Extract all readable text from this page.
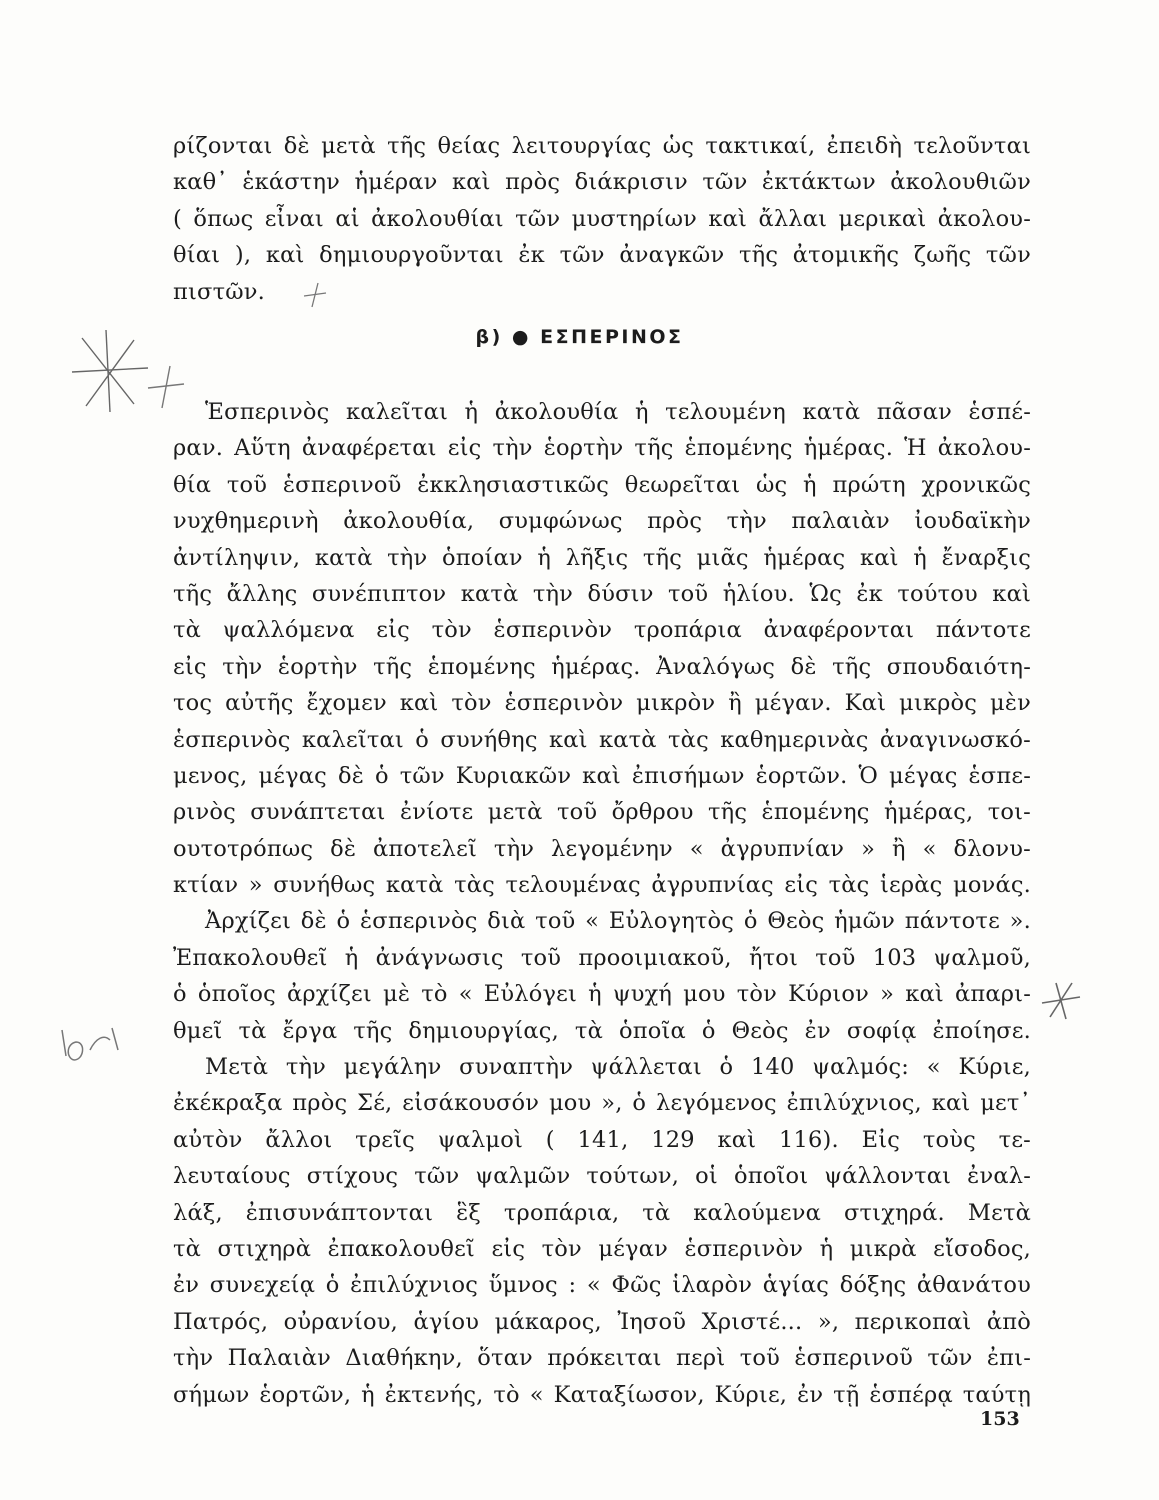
ρίζονται δὲ μετὰ τῆς θείας λειτουργίας ὡς τακτικαί, ἐπειδὴ τελοῦνται
καθ᾽ ἑκάστην ἡμέραν καὶ πρὸς διάκρισιν τῶν ἐκτάκτων ἀκολουθιῶν
( ὅπως εἶναι αἱ ἀκολουθίαι τῶν μυστηρίων καὶ ἄλλαι μερικαὶ ἀκολου-
θίαι ), καὶ δημιουργοῦνται ἐκ τῶν ἀναγκῶν τῆς ἀτομικῆς ζωῆς τῶν
πιστῶν.
β) ● ΕΣΠΕΡΙΝΟΣ
Ἑσπερινὸς καλεῖται ἡ ἀκολουθία ἡ τελουμένη κατὰ πᾶσαν ἑσπέ-
ραν. Αὕτη ἀναφέρεται εἰς τὴν ἑορτὴν τῆς ἑπομένης ἡμέρας. Ἡ ἀκολου-
θία τοῦ ἑσπερινοῦ ἐκκλησιαστικῶς θεωρεῖται ὡς ἡ πρώτη χρονικῶς
νυχθημερινὴ ἀκολουθία, συμφώνως πρὸς τὴν παλαιὰν ἰουδαϊκὴν
ἀντίληψιν, κατὰ τὴν ὁποίαν ἡ λῆξις τῆς μιᾶς ἡμέρας καὶ ἡ ἔναρξις
τῆς ἄλλης συνέπιπτον κατὰ τὴν δύσιν τοῦ ἡλίου. Ὡς ἐκ τούτου καὶ
τὰ ψαλλόμενα εἰς τὸν ἑσπερινὸν τροπάρια ἀναφέρονται πάντοτε
εἰς τὴν ἑορτὴν τῆς ἑπομένης ἡμέρας. Ἀναλόγως δὲ τῆς σπουδαιότη-
τος αὐτῆς ἔχομεν καὶ τὸν ἑσπερινὸν μικρὸν ἢ μέγαν. Καὶ μικρὸς μὲν
ἑσπερινὸς καλεῖται ὁ συνήθης καὶ κατὰ τὰς καθημερινὰς ἀναγινωσκό-
μενος, μέγας δὲ ὁ τῶν Κυριακῶν καὶ ἐπισήμων ἑορτῶν. Ὁ μέγας ἑσπε-
ρινὸς συνάπτεται ἐνίοτε μετὰ τοῦ ὄρθρου τῆς ἑπομένης ἡμέρας, τοι-
ουτοτρόπως δὲ ἀποτελεῖ τὴν λεγομένην « ἀγρυπνίαν » ἢ « δλονυ-
κτίαν » συνήθως κατὰ τὰς τελουμένας ἀγρυπνίας εἰς τὰς ἱερὰς μονάς.
Ἀρχίζει δὲ ὁ ἑσπερινὸς διὰ τοῦ « Εὐλογητὸς ὁ Θεὸς ἡμῶν πάντοτε ».
Ἐπακολουθεῖ ἡ ἀνάγνωσις τοῦ προοιμιακοῦ, ἤτοι τοῦ 103 ψαλμοῦ,
ὁ ὁποῖος ἀρχίζει μὲ τὸ « Εὐλόγει ἡ ψυχή μου τὸν Κύριον » καὶ ἀπαρι-
θμεῖ τὰ ἔργα τῆς δημιουργίας, τὰ ὁποῖα ὁ Θεὸς ἐν σοφίᾳ ἐποίησε.
Μετὰ τὴν μεγάλην συναπτὴν ψάλλεται ὁ 140 ψαλμός: « Κύριε,
ἐκέκραξα πρὸς Σέ, εἰσάκουσόν μου », ὁ λεγόμενος ἐπιλύχνιος, καὶ μετ᾽
αὐτὸν ἄλλοι τρεῖς ψαλμοὶ ( 141, 129 καὶ 116). Εἰς τοὺς τε-
λευταίους στίχους τῶν ψαλμῶν τούτων, οἱ ὁποῖοι ψάλλονται ἐναλ-
λάξ, ἐπισυνάπτονται ἓξ τροπάρια, τὰ καλούμενα στιχηρά. Μετὰ
τὰ στιχηρὰ ἐπακολουθεῖ εἰς τὸν μέγαν ἑσπερινὸν ἡ μικρὰ εἴσοδος,
ἐν συνεχείᾳ ὁ ἐπιλύχνιος ὕμνος : « Φῶς ἱλαρὸν ἁγίας δόξης ἀθανάτου
Πατρός, οὐρανίου, ἁγίου μάκαρος, Ἰησοῦ Χριστέ... », περικοπαὶ ἀπὸ
τὴν Παλαιὰν Διαθήκην, ὅταν πρόκειται περὶ τοῦ ἑσπερινοῦ τῶν ἐπι-
σήμων ἑορτῶν, ἡ ἐκτενής, τὸ « Καταξίωσον, Κύριε, ἐν τῇ ἑσπέρᾳ ταύτῃ
153
